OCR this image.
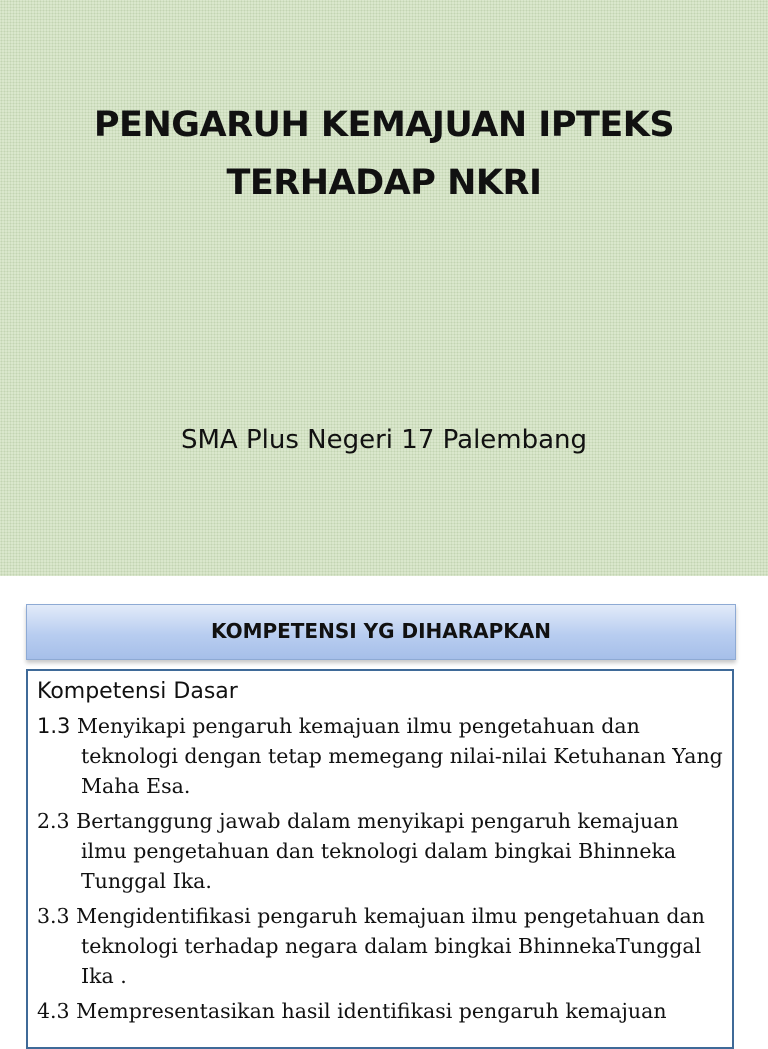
PENGARUH KEMAJUAN IPTEKS
TERHADAP NKRI
SMA Plus Negeri 17 Palembang
KOMPETENSI YG DIHARAPKAN
Kompetensi Dasar
1.3 Menyikapi pengaruh kemajuan ilmu pengetahuan dan teknologi dengan tetap memegang nilai-nilai Ketuhanan Yang Maha Esa.
2.3 Bertanggung jawab dalam menyikapi pengaruh kemajuan ilmu pengetahuan dan teknologi dalam bingkai Bhinneka Tunggal Ika.
3.3 Mengidentifikasi pengaruh kemajuan ilmu pengetahuan dan teknologi terhadap negara dalam bingkai BhinnekaTunggal Ika .
4.3 Mempresentasikan hasil identifikasi pengaruh kemajuan
